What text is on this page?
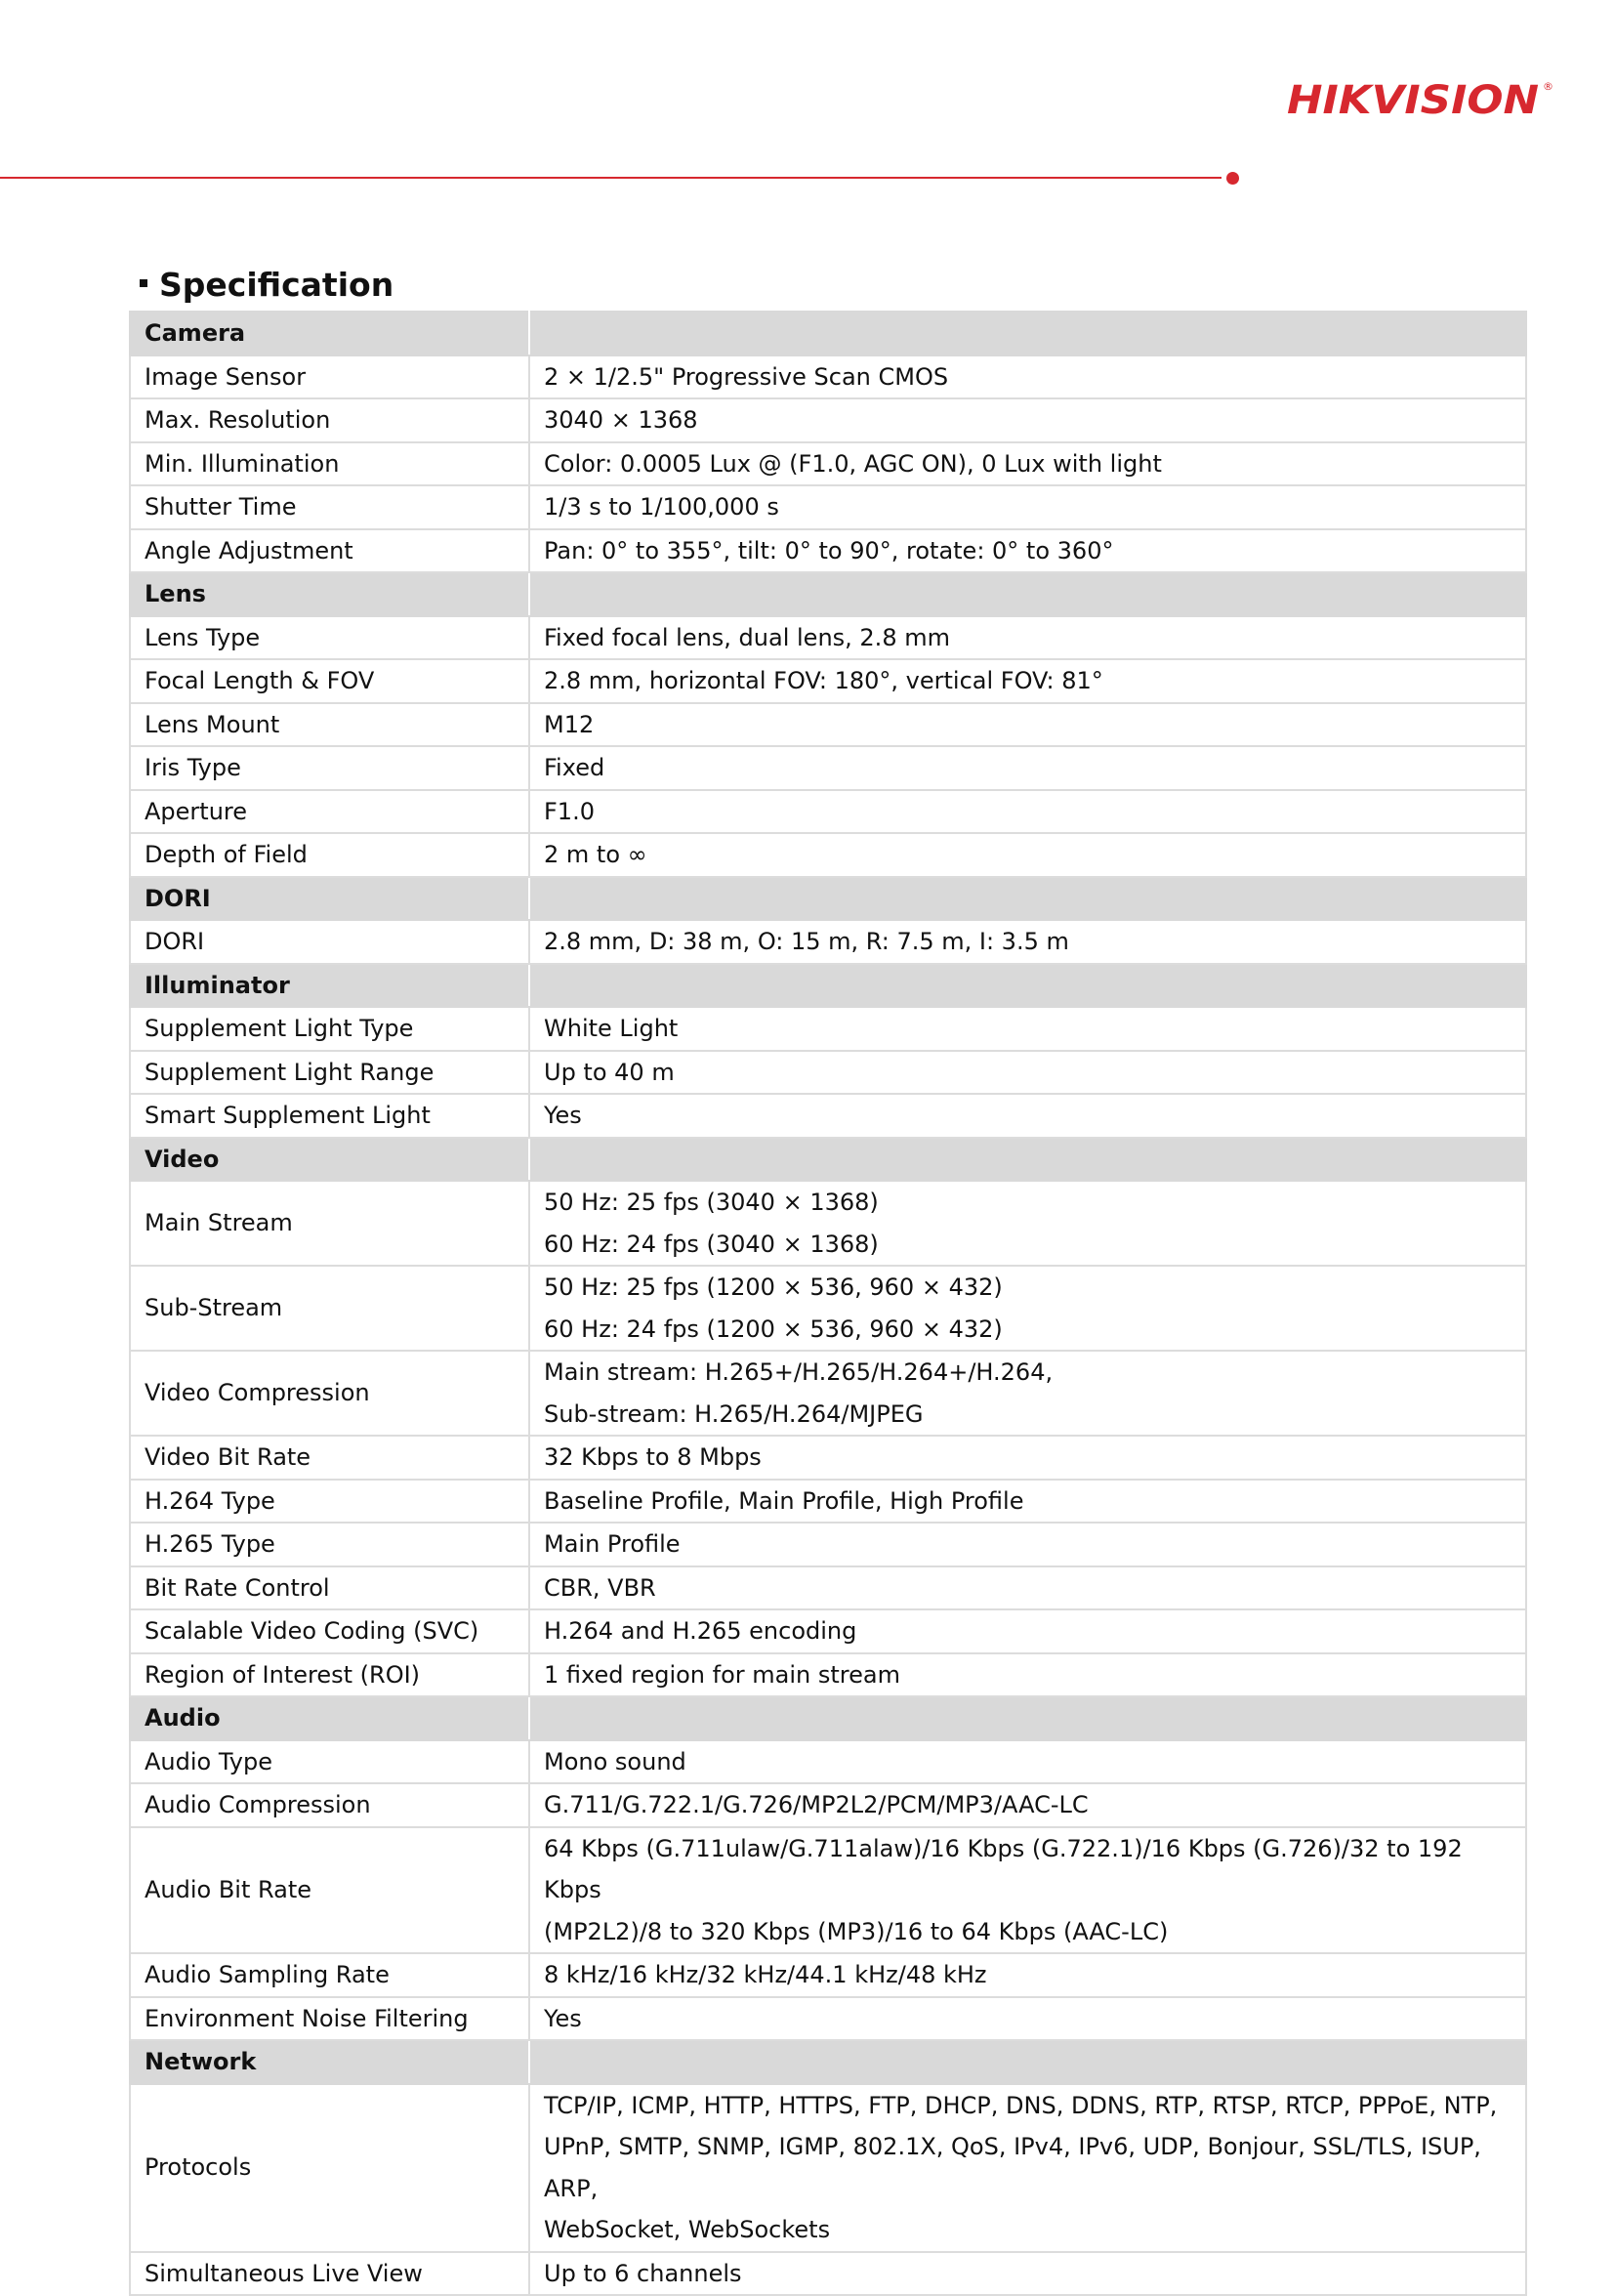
HIKVISION ®
Specification
Camera	
Image Sensor	2 × 1/2.5" Progressive Scan CMOS

Max. Resolution	3040 × 1368

Min. Illumination	Color: 0.0005 Lux @ (F1.0, AGC ON), 0 Lux with light

Shutter Time	1/3 s to 1/100,000 s

Angle Adjustment	Pan: 0° to 355°, tilt: 0° to 90°, rotate: 0° to 360°

Lens	
Lens Type	Fixed focal lens, dual lens, 2.8 mm

Focal Length & FOV	2.8 mm, horizontal FOV: 180°, vertical FOV: 81°

Lens Mount	M12

Iris Type	Fixed

Aperture	F1.0

Depth of Field	2 m to ∞

DORI	
DORI	2.8 mm, D: 38 m, O: 15 m, R: 7.5 m, I: 3.5 m

Illuminator	
Supplement Light Type	White Light

Supplement Light Range	Up to 40 m

Smart Supplement Light	Yes

Video	
Main Stream	50 Hz: 25 fps (3040 × 1368)
60 Hz: 24 fps (3040 × 1368)

Sub-Stream	50 Hz: 25 fps (1200 × 536, 960 × 432)
60 Hz: 24 fps (1200 × 536, 960 × 432)

Video Compression	Main stream: H.265+/H.265/H.264+/H.264,
Sub-stream: H.265/H.264/MJPEG

Video Bit Rate	32 Kbps to 8 Mbps

H.264 Type	Baseline Profile, Main Profile, High Profile

H.265 Type	Main Profile

Bit Rate Control	CBR, VBR

Scalable Video Coding (SVC)	H.264 and H.265 encoding

Region of Interest (ROI)	1 fixed region for main stream

Audio	
Audio Type	Mono sound

Audio Compression	G.711/G.722.1/G.726/MP2L2/PCM/MP3/AAC-LC

Audio Bit Rate	64 Kbps (G.711ulaw/G.711alaw)/16 Kbps (G.722.1)/16 Kbps (G.726)/32 to 192 Kbps
(MP2L2)/8 to 320 Kbps (MP3)/16 to 64 Kbps (AAC-LC)

Audio Sampling Rate	8 kHz/16 kHz/32 kHz/44.1 kHz/48 kHz

Environment Noise Filtering	Yes

Network	
Protocols	TCP/IP, ICMP, HTTP, HTTPS, FTP, DHCP, DNS, DDNS, RTP, RTSP, RTCP, PPPoE, NTP,
UPnP, SMTP, SNMP, IGMP, 802.1X, QoS, IPv4, IPv6, UDP, Bonjour, SSL/TLS, ISUP, ARP,
WebSocket, WebSockets

Simultaneous Live View	Up to 6 channels
